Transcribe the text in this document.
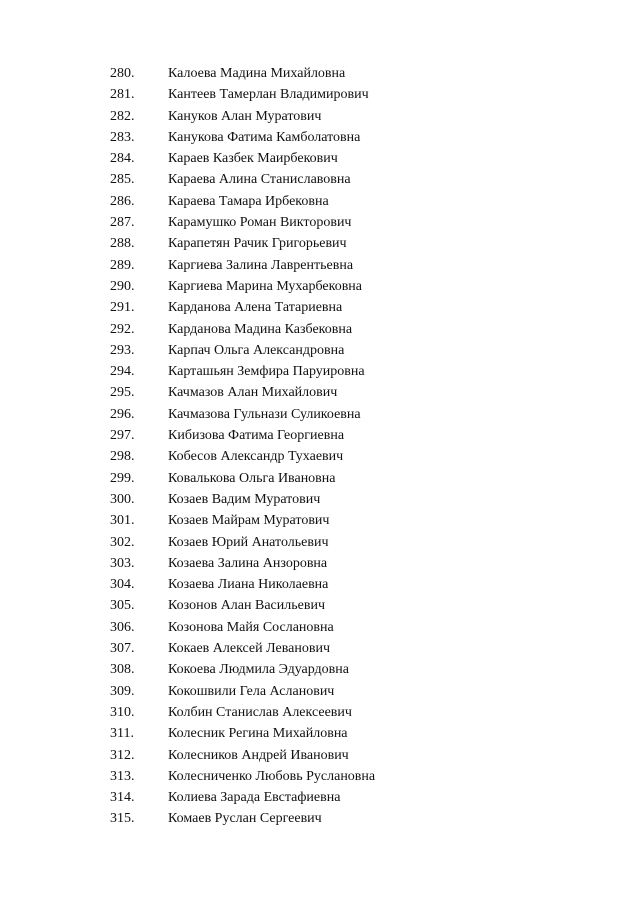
280.	Калоева Мадина Михайловна
281.	Кантеев Тамерлан Владимирович
282.	Кануков Алан Муратович
283.	Канукова Фатима Камболатовна
284.	Караев Казбек Маирбекович
285.	Караева Алина Станиславовна
286.	Караева Тамара Ирбековна
287.	Карамушко Роман Викторович
288.	Карапетян Рачик Григорьевич
289.	Каргиева Залина Лаврентьевна
290.	Каргиева Марина Мухарбековна
291.	Карданова Алена Татариевна
292.	Карданова Мадина Казбековна
293.	Карпач Ольга Александровна
294.	Карташьян Земфира Паруировна
295.	Качмазов Алан Михайлович
296.	Качмазова Гульнази Суликоевна
297.	Кибизова Фатима Георгиевна
298.	Кобесов Александр Тухаевич
299.	Ковалькова Ольга Ивановна
300.	Козаев Вадим Муратович
301.	Козаев Майрам Муратович
302.	Козаев Юрий Анатольевич
303.	Козаева Залина Анзоровна
304.	Козаева Лиана Николаевна
305.	Козонов Алан Васильевич
306.	Козонова Майя Сослановна
307.	Кокаев Алексей Леванович
308.	Кокоева Людмила Эдуардовна
309.	Кокошвили Гела Асланович
310.	Колбин Станислав Алексеевич
311.	Колесник Регина Михайловна
312.	Колесников Андрей Иванович
313.	Колесниченко Любовь Руслановна
314.	Колиева Зарада Евстафиевна
315.	Комаев Руслан Сергеевич
